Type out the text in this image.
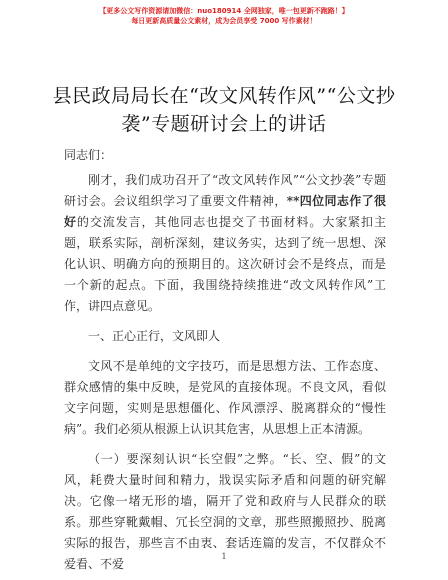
【更多公文写作资源请加微信：nuo180914 全网独家，唯一包更新不跑路！】
每日更新高质量公文素材，成为会员享受 7000 写作素材！
县民政局局长在“改文风转作风”“公文抄袭”专题研讨会上的讲话

同志们：

刚才，我们成功召开了“改文风转作风”“公文抄袭”专题研讨会。会议组织学习了重要文件精神，**四位同志作了很好的交流发言，其他同志也提交了书面材料。大家紧扣主题，联系实际，剖析深刻，建议务实，达到了统一思想、深化认识、明确方向的预期目的。这次研讨会不是终点，而是一个新的起点。下面，我围绕持续推进“改文风转作风”工作，讲四点意见。

一、正心正行，文风即人

文风不是单纯的文字技巧，而是思想方法、工作态度、群众感情的集中反映，是党风的直接体现。不良文风，看似文字问题，实则是思想僵化、作风漂浮、脱离群众的“慢性病”。我们必须从根源上认识其危害，从思想上正本清源。

（一）要深刻认识“长空假”之弊。“长、空、假”的文风，耗费大量时间和精力，戕误实际矛盾和问题的研究解决。它像一堵无形的墙，隔开了党和政府与人民群众的联系。那些穿靴戴帽、冗长空洞的文章，那些照搬照抄、脱离实际的报告，那些言不由衷、套话连篇的发言，不仅群众不爱看、不爱

1
